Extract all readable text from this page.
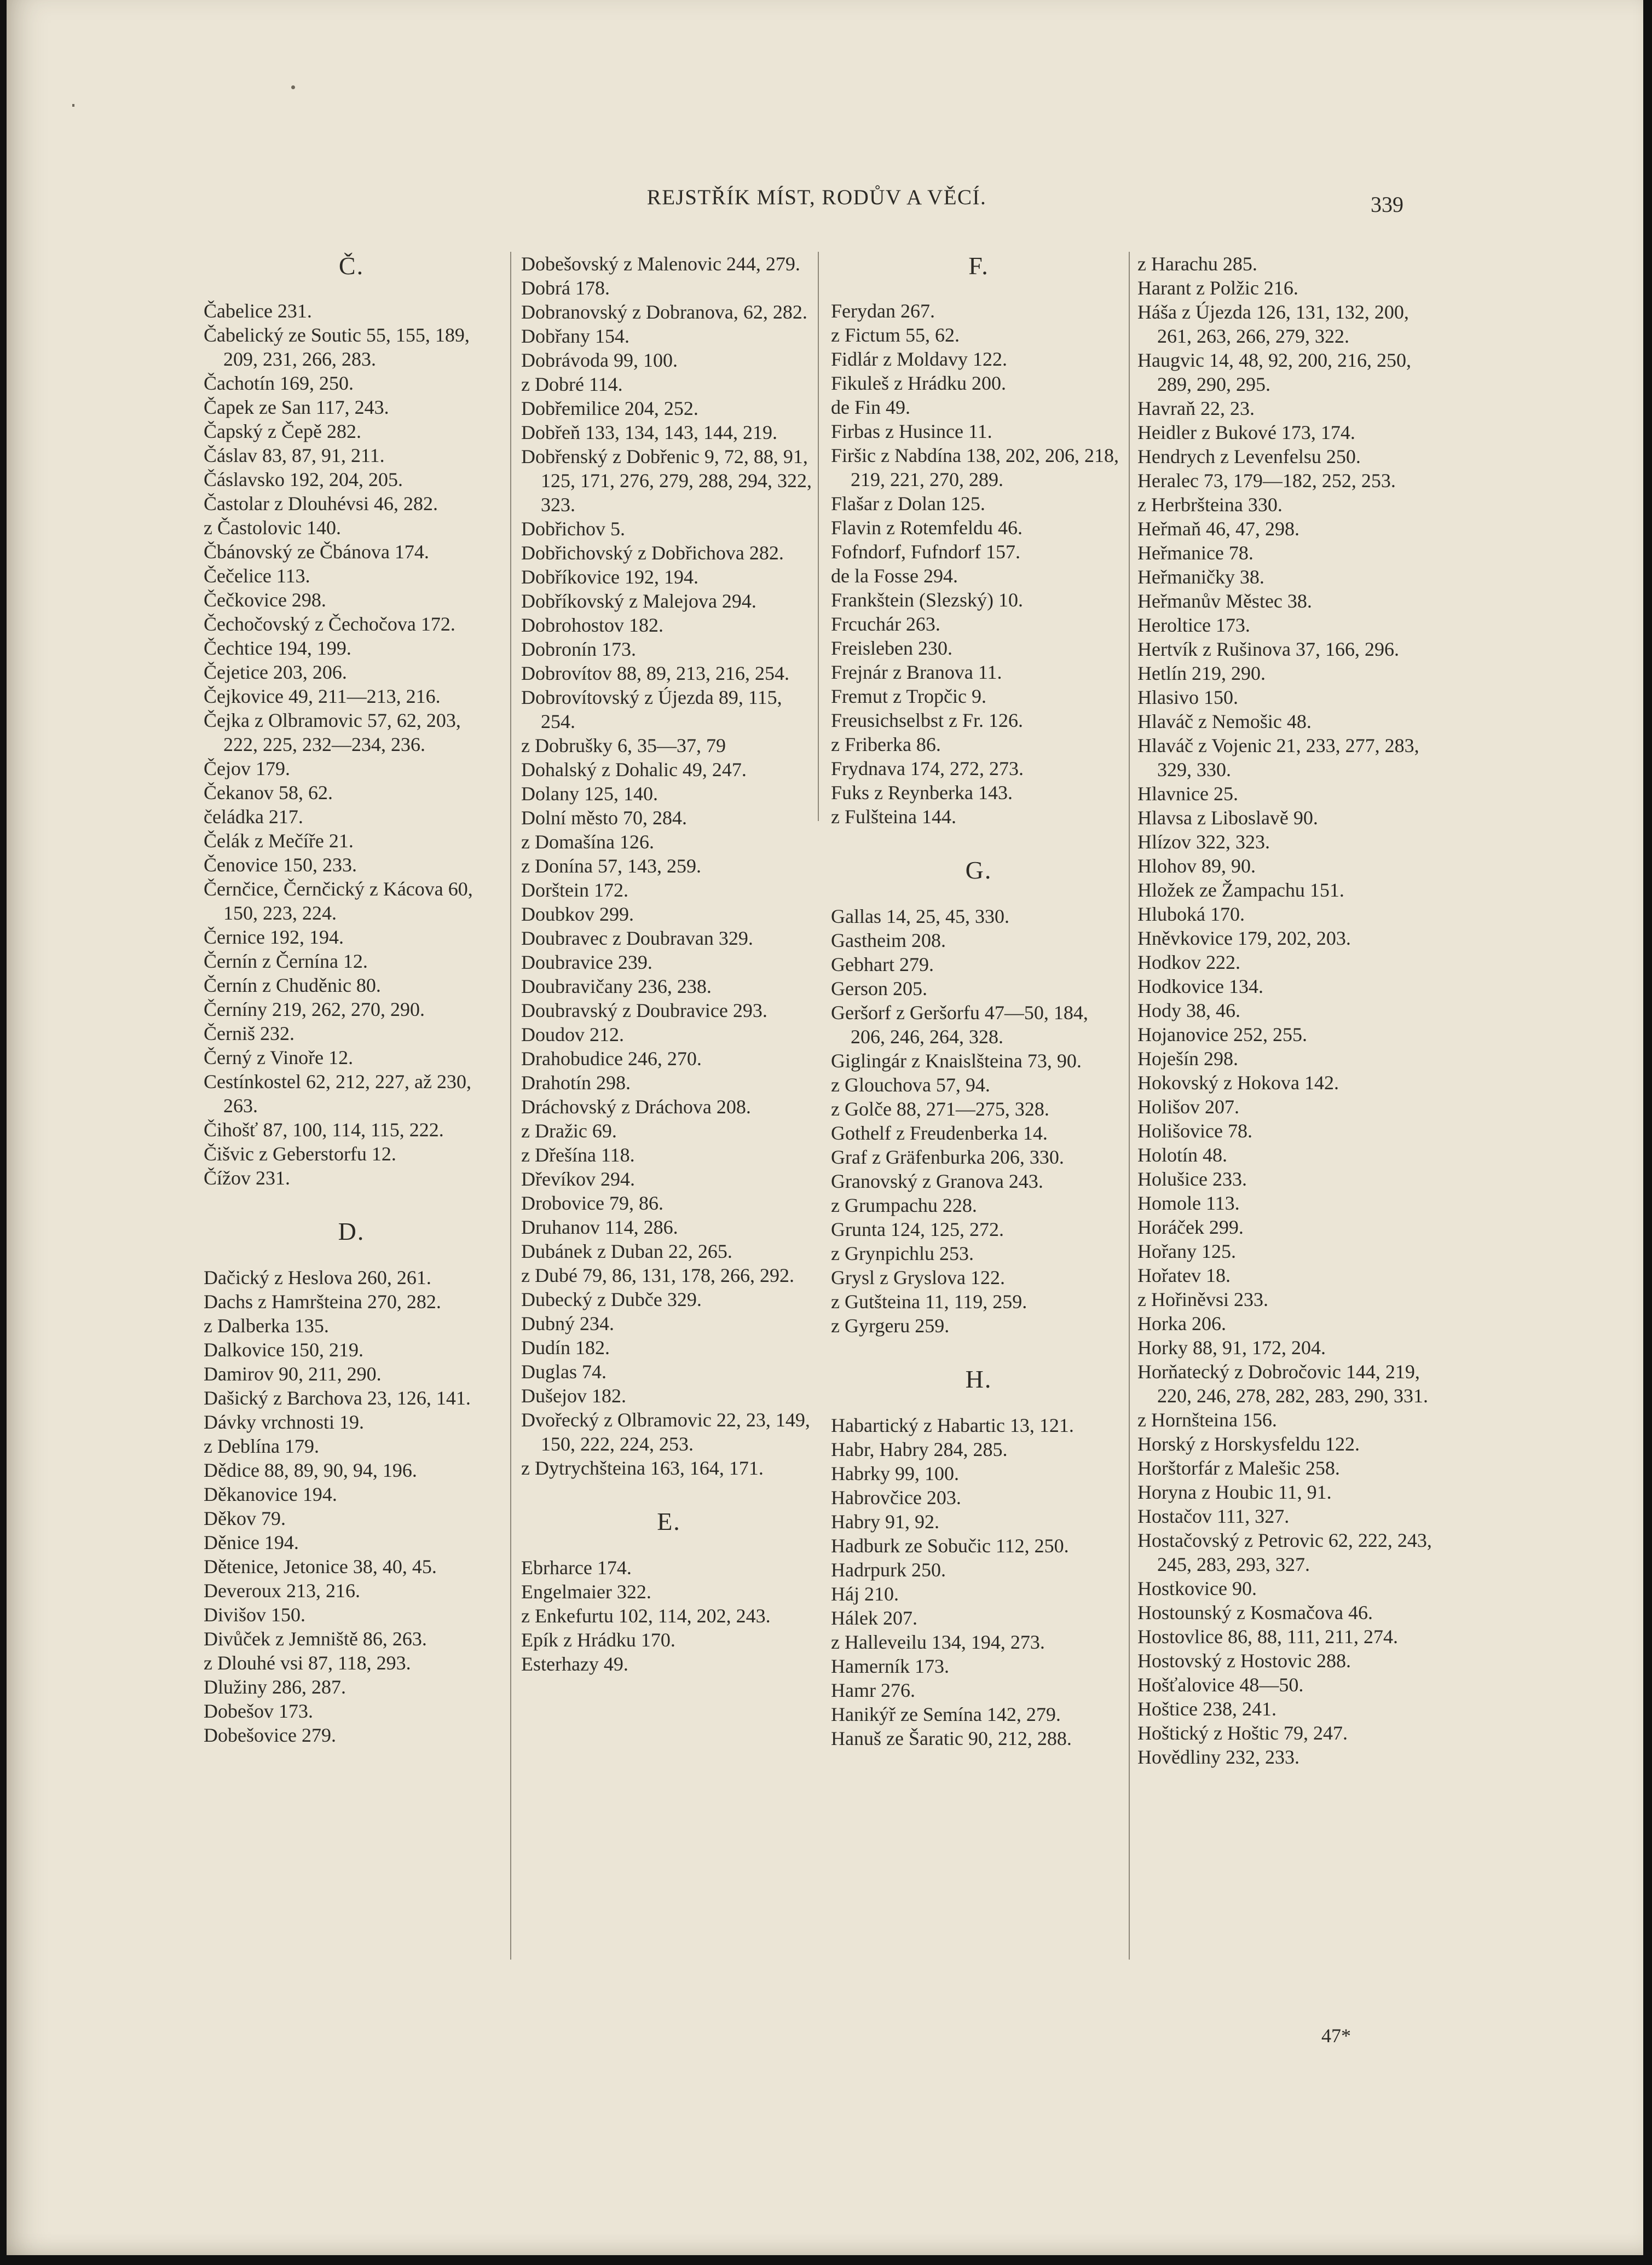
REJSTŘÍK MÍST, RODŮV A VĚCÍ.	339

Č.

Čabelice 231.

Čabelický ze Soutic 55, 155, 189, 209, 231, 266, 283.

Čachotín 169, 250.

Čapek ze San 117, 243.

Čapský z Čepě 282.

Čáslav 83, 87, 91, 211.

Čáslavsko 192, 204, 205.

Častolar z Dlouhévsi 46, 282.

z Častolovic 140.

Čbánovský ze Čbánova 174.

Čečelice 113.

Čečkovice 298.

Čechočovský z Čechočova 172.

Čechtice 194, 199.

Čejetice 203, 206.

Čejkovice 49, 211—213, 216.

Čejka z Olbramovic 57, 62, 203, 222, 225, 232—234, 236.

Čejov 179.

Čekanov 58, 62.

čeládka 217.

Čelák z Mečíře 21.

Čenovice 150, 233.

Černčice, Černčický z Kácova 60, 150, 223, 224.

Černice 192, 194.

Černín z Černína 12.

Černín z Chuděnic 80.

Černíny 219, 262, 270, 290.

Černiš 232.

Černý z Vinoře 12.

Cestínkostel 62, 212, 227, až 230, 263.

Čihošť 87, 100, 114, 115, 222.

Čišvic z Geberstorfu 12.

Čížov 231.

D.

Dačický z Heslova 260, 261.

Dachs z Hamršteina 270, 282.

z Dalberka 135.

Dalkovice 150, 219.

Damirov 90, 211, 290.

Dašický z Barchova 23, 126, 141.

Dávky vrchnosti 19.

z Deblína 179.

Dědice 88, 89, 90, 94, 196.

Děkanovice 194.

Děkov 79.

Děnice 194.

Dětenice, Jetonice 38, 40, 45.

Deveroux 213, 216.

Divišov 150.

Divůček z Jemniště 86, 263.

z Dlouhé vsi 87, 118, 293.

Dlužiny 286, 287.

Dobešov 173.

Dobešovice 279.

Dobešovský z Malenovic 244, 279.

Dobrá 178.

Dobranovský z Dobranova, 62, 282.

Dobřany 154.

Dobrávoda 99, 100.

z Dobré 114.

Dobřemilice 204, 252.

Dobřeň 133, 134, 143, 144, 219.

Dobřenský z Dobřenic 9, 72, 88, 91, 125, 171, 276, 279, 288, 294, 322, 323.

Dobřichov 5.

Dobřichovský z Dobřichova 282.

Dobříkovice 192, 194.

Dobříkovský z Malejova 294.

Dobrohostov 182.

Dobronín 173.

Dobrovítov 88, 89, 213, 216, 254.

Dobrovítovský z Újezda 89, 115, 254.

z Dobrušky 6, 35—37, 79

Dohalský z Dohalic 49, 247.

Dolany 125, 140.

Dolní město 70, 284.

z Domašína 126.

z Donína 57, 143, 259.

Dorštein 172.

Doubkov 299.

Doubravec z Doubravan 329.

Doubravice 239.

Doubravičany 236, 238.

Doubravský z Doubravice 293.

Doudov 212.

Drahobudice 246, 270.

Drahotín 298.

Dráchovský z Dráchova 208.

z Dražic 69.

z Dřešína 118.

Dřevíkov 294.

Drobovice 79, 86.

Druhanov 114, 286.

Dubánek z Duban 22, 265.

z Dubé 79, 86, 131, 178, 266, 292.

Dubecký z Dubče 329.

Dubný 234.

Dudín 182.

Duglas 74.

Dušejov 182.

Dvořecký z Olbramovic 22, 23, 149, 150, 222, 224, 253.

z Dytrychšteina 163, 164, 171.

E.

Ebrharce 174.

Engelmaier 322.

z Enkefurtu 102, 114, 202, 243.

Epík z Hrádku 170.

Esterhazy 49.

F.

Ferydan 267.

z Fictum 55, 62.

Fidlár z Moldavy 122.

Fikuleš z Hrádku 200.

de Fin 49.

Firbas z Husince 11.

Firšic z Nabdína 138, 202, 206, 218, 219, 221, 270, 289.

Flašar z Dolan 125.

Flavin z Rotemfeldu 46.

Fofndorf, Fufndorf 157.

de la Fosse 294.

Frankštein (Slezský) 10.

Frcuchár 263.

Freisleben 230.

Frejnár z Branova 11.

Fremut z Tropčic 9.

Freusichselbst z Fr. 126.

z Friberka 86.

Frydnava 174, 272, 273.

Fuks z Reynberka 143.

z Fulšteina 144.

G.

Gallas 14, 25, 45, 330.

Gastheim 208.

Gebhart 279.

Gerson 205.

Geršorf z Geršorfu 47—50, 184, 206, 246, 264, 328.

Giglingár z Knaislšteina 73, 90.

z Glouchova 57, 94.

z Golče 88, 271—275, 328.

Gothelf z Freudenberka 14.

Graf z Gräfenburka 206, 330.

Granovský z Granova 243.

z Grumpachu 228.

Grunta 124, 125, 272.

z Grynpichlu 253.

Grysl z Gryslova 122.

z Gutšteina 11, 119, 259.

z Gyrgeru 259.

H.

Habartický z Habartic 13, 121.

Habr, Habry 284, 285.

Habrky 99, 100.

Habrovčice 203.

Habry 91, 92.

Hadburk ze Sobučic 112, 250.

Hadrpurk 250.

Háj 210.

Hálek 207.

z Halleveilu 134, 194, 273.

Hamerník 173.

Hamr 276.

Hanikýř ze Semína 142, 279.

Hanuš ze Šaratic 90, 212, 288.

z Harachu 285.

Harant z Polžic 216.

Háša z Újezda 126, 131, 132, 200, 261, 263, 266, 279, 322.

Haugvic 14, 48, 92, 200, 216, 250, 289, 290, 295.

Havraň 22, 23.

Heidler z Bukové 173, 174.

Hendrych z Levenfelsu 250.

Heralec 73, 179—182, 252, 253.

z Herbršteina 330.

Heřmaň 46, 47, 298.

Heřmanice 78.

Heřmaničky 38.

Heřmanův Městec 38.

Heroltice 173.

Hertvík z Rušinova 37, 166, 296.

Hetlín 219, 290.

Hlasivo 150.

Hlaváč z Nemošic 48.

Hlaváč z Vojenic 21, 233, 277, 283, 329, 330.

Hlavnice 25.

Hlavsa z Liboslavě 90.

Hlízov 322, 323.

Hlohov 89, 90.

Hložek ze Žampachu 151.

Hluboká 170.

Hněvkovice 179, 202, 203.

Hodkov 222.

Hodkovice 134.

Hody 38, 46.

Hojanovice 252, 255.

Hoješín 298.

Hokovský z Hokova 142.

Holišov 207.

Holišovice 78.

Holotín 48.

Holušice 233.

Homole 113.

Horáček 299.

Hořany 125.

Hořatev 18.

z Hořiněvsi 233.

Horka 206.

Horky 88, 91, 172, 204.

Horňatecký z Dobročovic 144, 219, 220, 246, 278, 282, 283, 290, 331.

z Hornšteina 156.

Horský z Horskysfeldu 122.

Horštorfár z Malešic 258.

Horyna z Houbic 11, 91.

Hostačov 111, 327.

Hostačovský z Petrovic 62, 222, 243, 245, 283, 293, 327.

Hostkovice 90.

Hostounský z Kosmačova 46.

Hostovlice 86, 88, 111, 211, 274.

Hostovský z Hostovic 288.

Hošťalovice 48—50.

Hoštice 238, 241.

Hoštický z Hoštic 79, 247.

Hovědliny 232, 233.

47*
